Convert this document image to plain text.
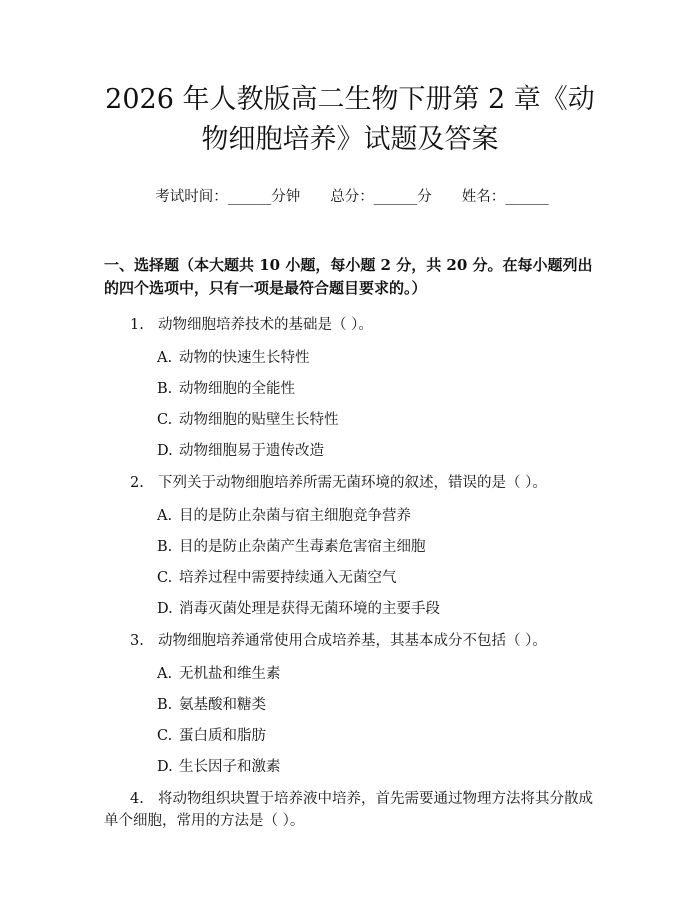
2026 年人教版高二生物下册第 2 章《动物细胞培养》试题及答案
考试时间：______分钟 总分：______分 姓名：______

一、选择题（本大题共 10 小题，每小题 2 分，共 20 分。在每小题列出的四个选项中，只有一项是最符合题目要求的。）

1. 动物细胞培养技术的基础是（ ）。
A. 动物的快速生长特性
B. 动物细胞的全能性
C. 动物细胞的贴壁生长特性
D. 动物细胞易于遗传改造
2. 下列关于动物细胞培养所需无菌环境的叙述，错误的是（ ）。
A. 目的是防止杂菌与宿主细胞竞争营养
B. 目的是防止杂菌产生毒素危害宿主细胞
C. 培养过程中需要持续通入无菌空气
D. 消毒灭菌处理是获得无菌环境的主要手段
3. 动物细胞培养通常使用合成培养基，其基本成分不包括（ ）。
A. 无机盐和维生素
B. 氨基酸和糖类
C. 蛋白质和脂肪
D. 生长因子和激素
4. 将动物组织块置于培养液中培养，首先需要通过物理方法将其分散成单个细胞，常用的方法是（ ）。
